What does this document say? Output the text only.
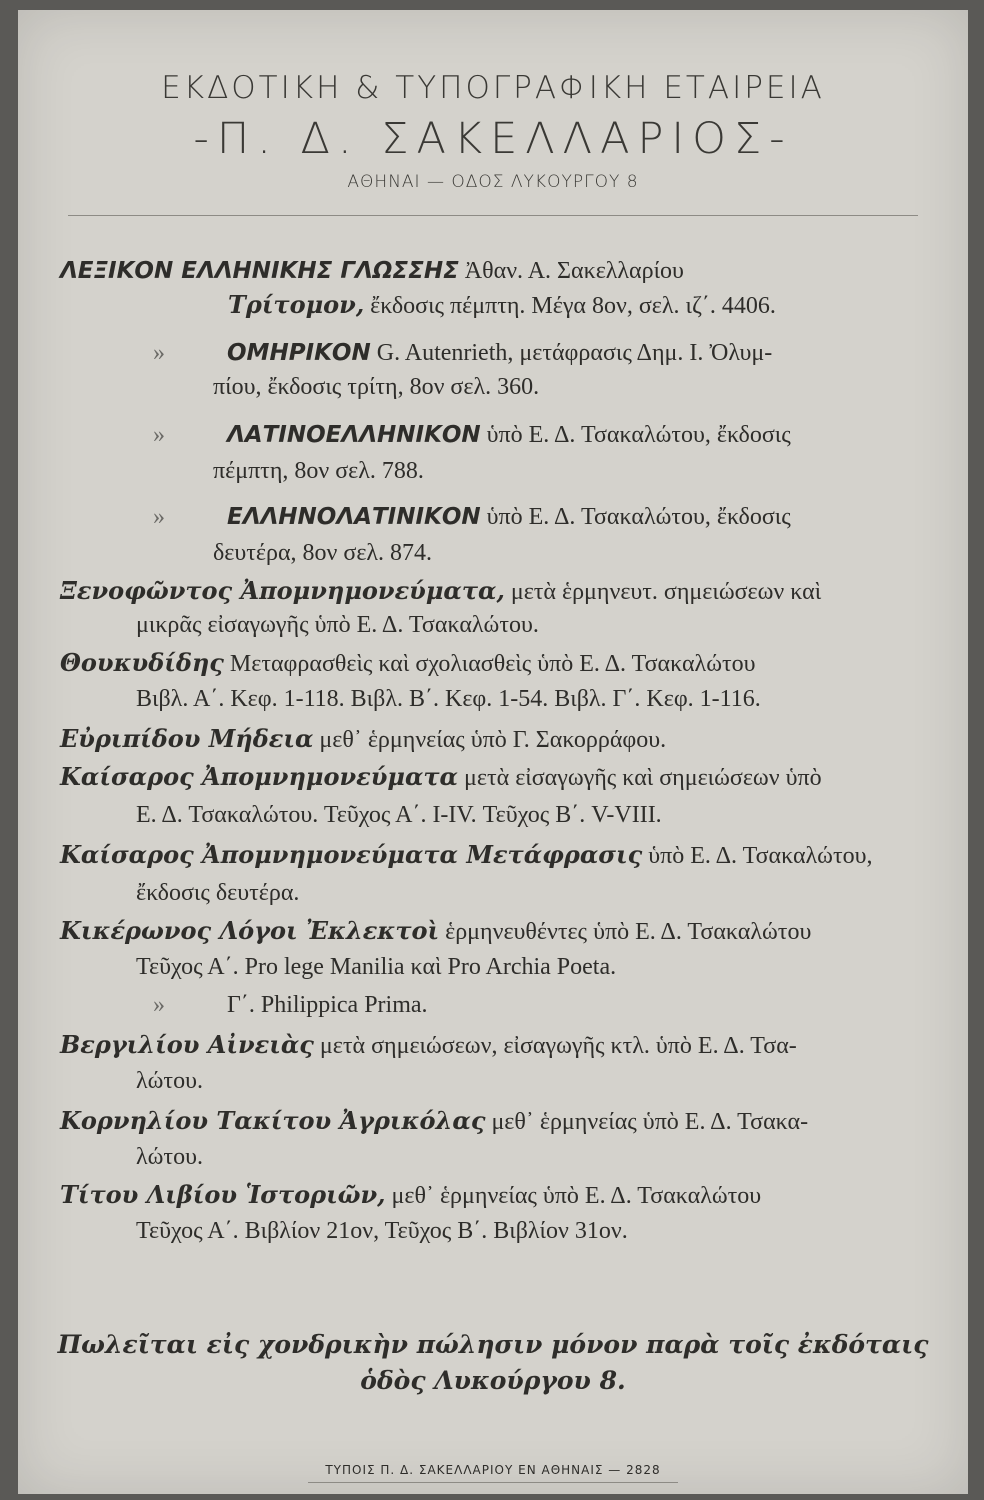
ΕΚΔΟΤΙΚΗ & ΤΥΠΟΓΡΑΦΙΚΗ ΕΤΑΙΡΕΙΑ
-Π. Δ. ΣΑΚΕΛΛΑΡΙΟΣ-
ΑΘΗΝΑΙ — ΟΔΟΣ ΛΥΚΟΥΡΓΟΥ 8
ΛΕΞΙΚΟΝ ΕΛΛΗΝΙΚΗΣ ΓΛΩΣΣΗΣ Ἀθαν. Α. Σακελλαρίου
Τρίτομον, ἔκδοσις πέμπτη. Μέγα 8ον, σελ. ιζ΄. 4406.
»	ΟΜΗΡΙΚΟΝ G. Autenrieth, μετάφρασις Δημ. Ι. Ὀλυμ-
πίου, ἔκδοσις τρίτη, 8ον σελ. 360.
»	ΛΑΤΙΝΟΕΛΛΗΝΙΚΟΝ ὑπὸ Ε. Δ. Τσακαλώτου, ἔκδοσις
πέμπτη, 8ον σελ. 788.
»	ΕΛΛΗΝΟΛΑΤΙΝΙΚΟΝ ὑπὸ Ε. Δ. Τσακαλώτου, ἔκδοσις
δευτέρα, 8ον σελ. 874.
Ξενοφῶντος Ἀπομνημονεύματα, μετὰ ἑρμηνευτ. σημειώσεων καὶ
μικρᾶς εἰσαγωγῆς ὑπὸ Ε. Δ. Τσακαλώτου.
Θουκυδίδης Μεταφρασθεὶς καὶ σχολιασθεὶς ὑπὸ Ε. Δ. Τσακαλώτου
Βιβλ. Α΄. Κεφ. 1-118. Βιβλ. Β΄. Κεφ. 1-54. Βιβλ. Γ΄. Κεφ. 1-116.
Εὐριπίδου Μήδεια μεθ᾽ ἑρμηνείας ὑπὸ Γ. Σακορράφου.
Καίσαρος Ἀπομνημονεύματα μετὰ εἰσαγωγῆς καὶ σημειώσεων ὑπὸ
Ε. Δ. Τσακαλώτου. Τεῦχος Α΄. I-IV. Τεῦχος Β΄. V-VIII.
Καίσαρος Ἀπομνημονεύματα Μετάφρασις ὑπὸ Ε. Δ. Τσακαλώτου,
ἔκδοσις δευτέρα.
Κικέρωνος Λόγοι Ἐκλεκτοὶ ἑρμηνευθέντες ὑπὸ Ε. Δ. Τσακαλώτου
Τεῦχος Α΄. Pro lege Manilia καὶ Pro Archia Poeta.
»	Γ΄. Philippica Prima.
Βεργιλίου Αἰνειὰς μετὰ σημειώσεων, εἰσαγωγῆς κτλ. ὑπὸ Ε. Δ. Τσα-
λώτου.
Κορνηλίου Τακίτου Ἀγρικόλας μεθ᾽ ἑρμηνείας ὑπὸ Ε. Δ. Τσακα-
λώτου.
Τίτου Λιβίου Ἱστοριῶν, μεθ᾽ ἑρμηνείας ὑπὸ Ε. Δ. Τσακαλώτου
Τεῦχος Α΄. Βιβλίον 21ον, Τεῦχος Β΄. Βιβλίον 31ον.
Πωλεῖται εἰς χονδρικὴν πώλησιν μόνον παρὰ τοῖς ἐκδόταις
ὁδὸς Λυκούργου 8.
ΤΥΠΟΙΣ Π. Δ. ΣΑΚΕΛΛΑΡΙΟΥ ΕΝ ΑΘΗΝΑΙΣ — 2828
